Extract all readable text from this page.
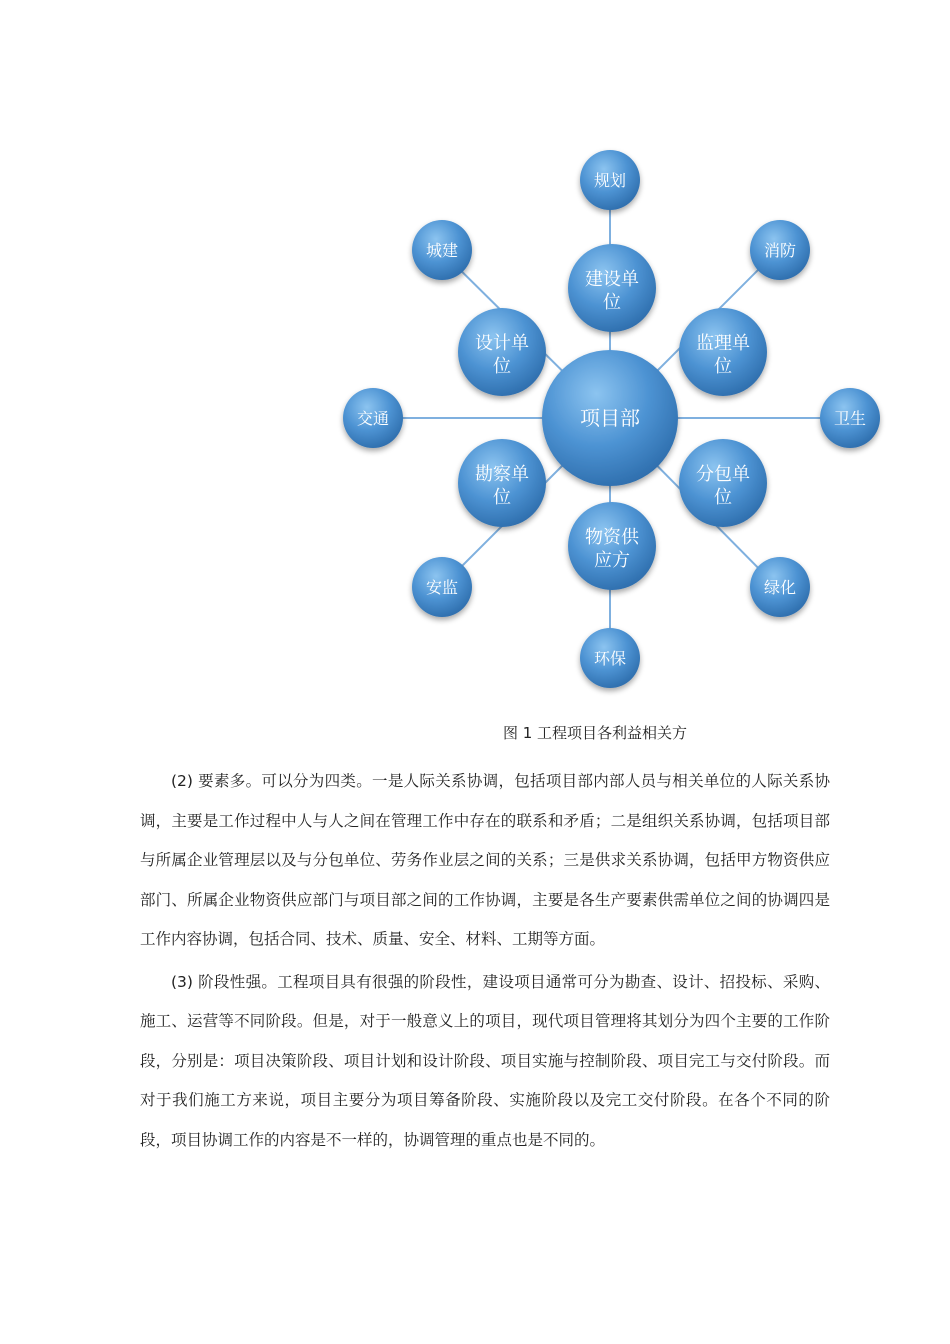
规划
消防
卫生
绿化
环保
安监
交通
城建
建设单
位
监理单
位
分包单
位
物资供
应方
勘察单
位
设计单
位
项目部
图 1 工程项目各利益相关方

(2) 要素多。可以分为四类。一是人际关系协调，包括项目部内部人员与相关单位的人际关系协调，主要是工作过程中人与人之间在管理工作中存在的联系和矛盾；二是组织关系协调，包括项目部与所属企业管理层以及与分包单位、劳务作业层之间的关系；三是供求关系协调，包括甲方物资供应部门、所属企业物资供应部门与项目部之间的工作协调，主要是各生产要素供需单位之间的协调四是工作内容协调，包括合同、技术、质量、安全、材料、工期等方面。

(3) 阶段性强。工程项目具有很强的阶段性，建设项目通常可分为勘查、设计、招投标、采购、施工、运营等不同阶段。但是，对于一般意义上的项目，现代项目管理将其划分为四个主要的工作阶段，分别是：项目决策阶段、项目计划和设计阶段、项目实施与控制阶段、项目完工与交付阶段。而对于我们施工方来说，项目主要分为项目筹备阶段、实施阶段以及完工交付阶段。在各个不同的阶段，项目协调工作的内容是不一样的，协调管理的重点也是不同的。
